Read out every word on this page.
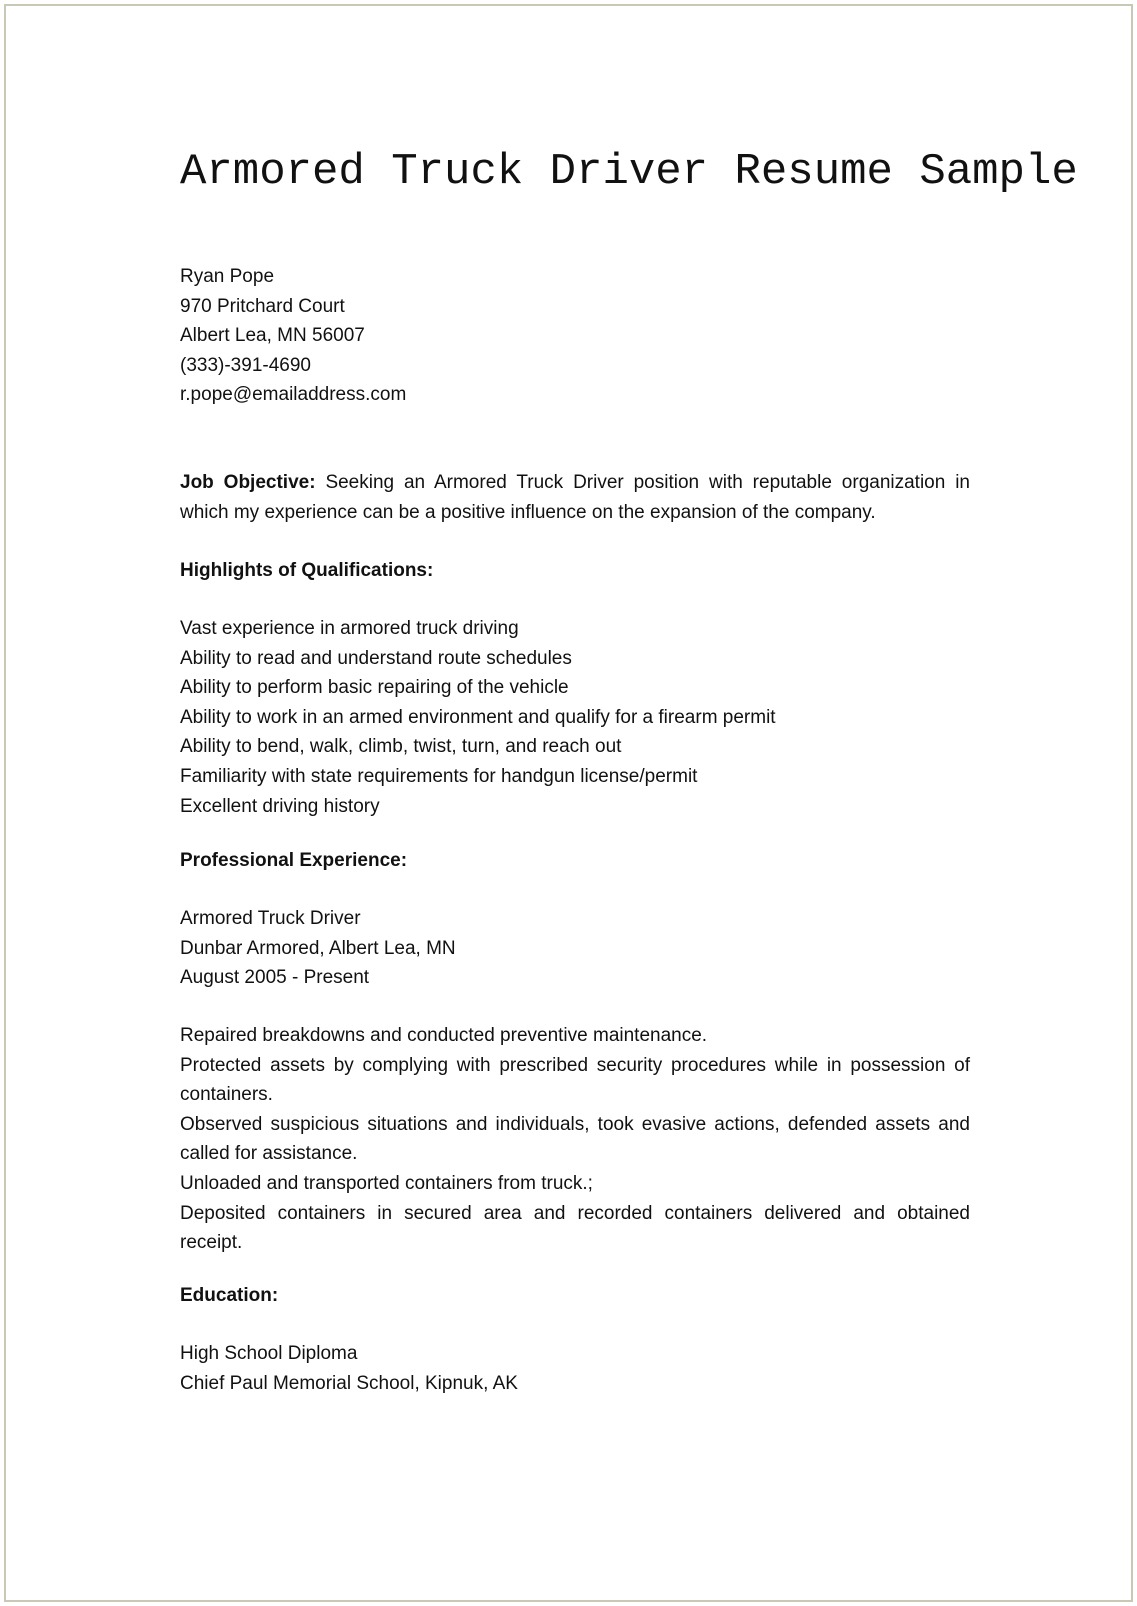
Armored Truck Driver Resume Sample
Ryan Pope
970 Pritchard Court
Albert Lea, MN 56007
(333)-391-4690
r.pope@emailaddress.com

Job Objective: Seeking an Armored Truck Driver position with reputable organization in which my experience can be a positive influence on the expansion of the company.

Highlights of Qualifications:
Vast experience in armored truck driving
Ability to read and understand route schedules
Ability to perform basic repairing of the vehicle
Ability to work in an armed environment and qualify for a firearm permit
Ability to bend, walk, climb, twist, turn, and reach out
Familiarity with state requirements for handgun license/permit
Excellent driving history
Professional Experience:
Armored Truck Driver
Dunbar Armored, Albert Lea, MN
August 2005 - Present

Repaired breakdowns and conducted preventive maintenance.

Protected assets by complying with prescribed security procedures while in possession of containers.

Observed suspicious situations and individuals, took evasive actions, defended assets and called for assistance.

Unloaded and transported containers from truck.;

Deposited containers in secured area and recorded containers delivered and obtained receipt.

Education:
High School Diploma
Chief Paul Memorial School, Kipnuk, AK
